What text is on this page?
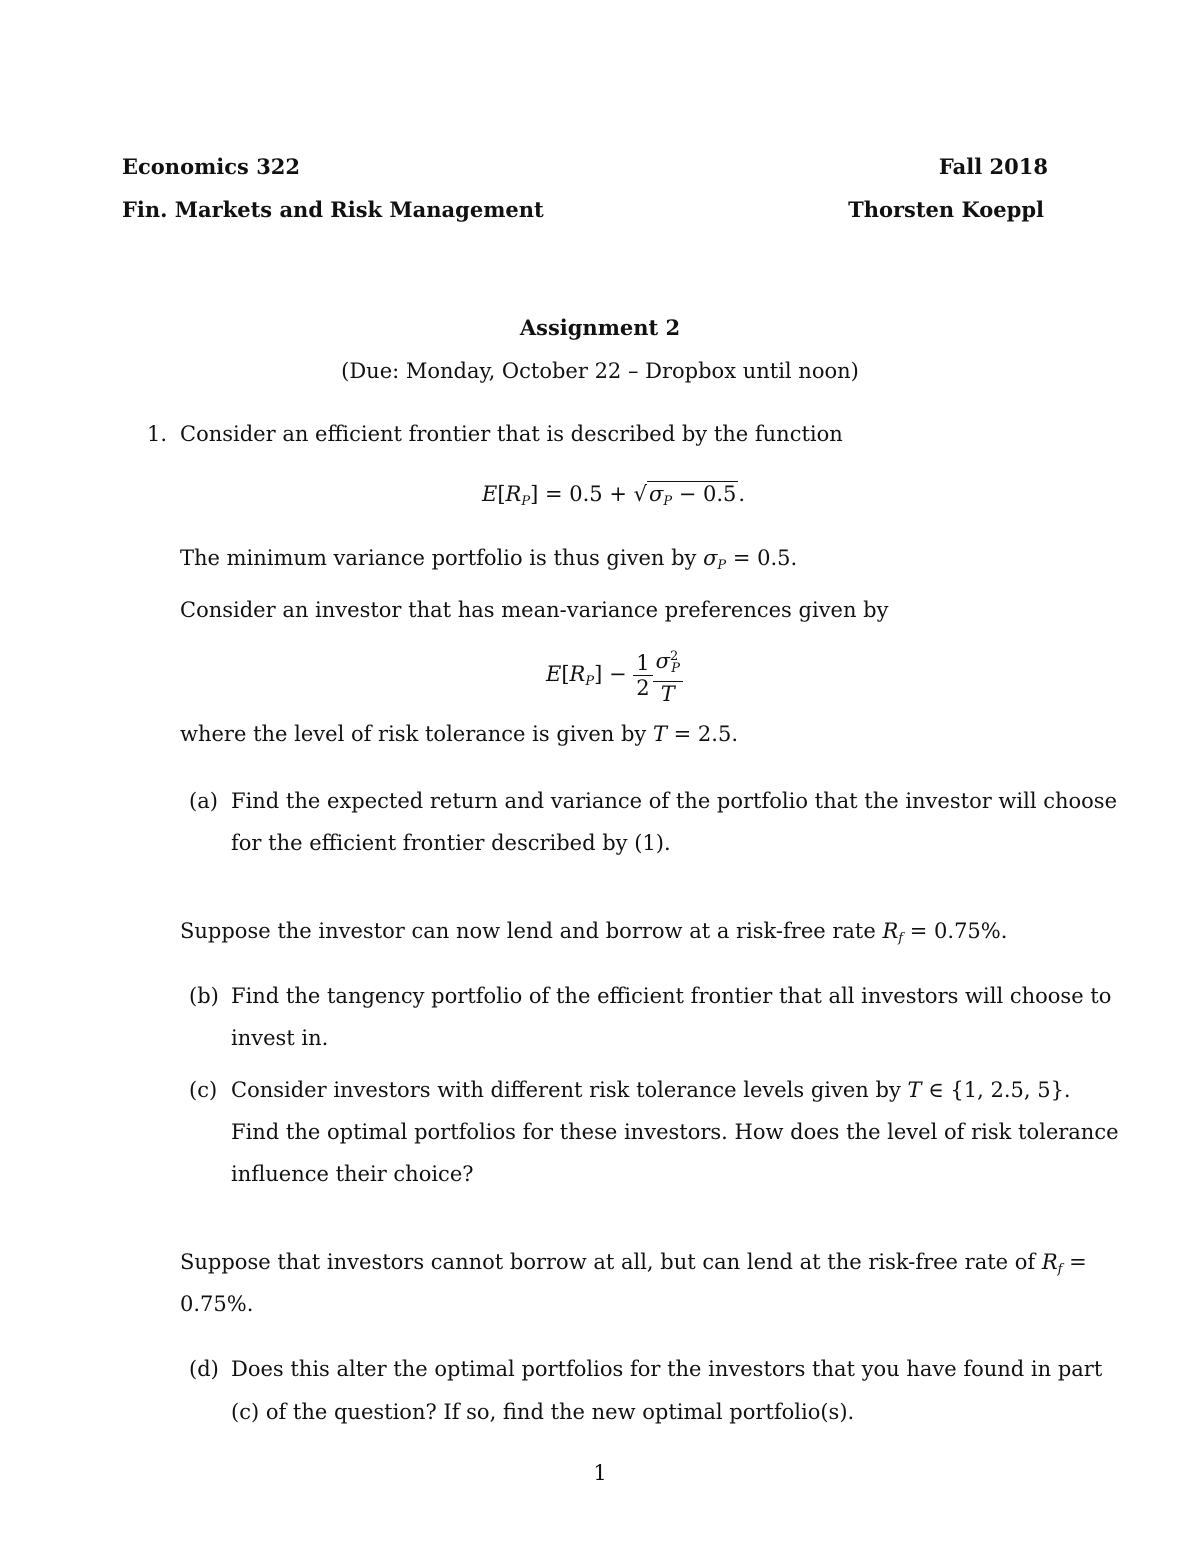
Economics 322	Fall 2018
Fin. Markets and Risk Management	Thorsten Koeppl
Assignment 2
(Due: Monday, October 22 – Dropbox until noon)
1. Consider an efficient frontier that is described by the function
$E[R_P] = 0.5 + √\sigma_P - 0.5$.
The minimum variance portfolio is thus given by $\sigma_P = 0.5$.
Consider an investor that has mean-variance preferences given by
$E[R_P] - \frac{1}{2} \frac{\sigma^2_P}{T}$
where the level of risk tolerance is given by T = 2.5.
(a) Find the expected return and variance of the portfolio that the investor will choose
for the efficient frontier described by (1).
Suppose the investor can now lend and borrow at a risk-free rate $R_f = 0.75\%$.
(b) Find the tangency portfolio of the efficient frontier that all investors will choose to
invest in.
(c) Consider investors with different risk tolerance levels given by T ∈ {1, 2.5, 5}.
Find the optimal portfolios for these investors. How does the level of risk tolerance
influence their choice?
Suppose that investors cannot borrow at all, but can lend at the risk-free rate of $R_f$ =
0.75%.
(d) Does this alter the optimal portfolios for the investors that you have found in part
(c) of the question? If so, find the new optimal portfolio(s).
1
